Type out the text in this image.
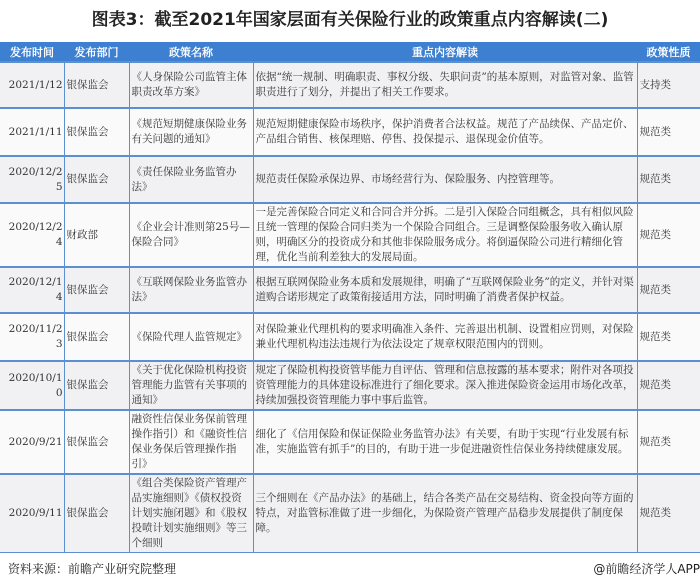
图表3：截至2021年国家层面有关保险行业的政策重点内容解读(二)
发布时间	发布部门	政策名称	重点内容解读	政策性质
2021/1/12	银保监会	《人身保险公司监管主体职责改革方案》	依据“统一规制、明确职责、事权分级、失职问责”的基本原则，对监管对象、监管职责进行了划分，并提出了相关工作要求。	支持类
2021/1/11	银保监会	《规范短期健康保险业务有关问题的通知》	规范短期健康保险市场秩序，保护消费者合法权益。规范了产品续保、产品定价、产品组合销售、核保理赔、停售、投保提示、退保现金价值等。	规范类
2020/12/25	银保监会	《责任保险业务监管办法》	规范责任保险承保边界、市场经营行为、保险服务、内控管理等。	规范类
2020/12/24	财政部	《企业会计准则第25号—保险合同》	一是完善保险合同定义和合同合并分拆。二是引入保险合同组概念，具有相似风险且统一管理的保险合同归类为一个保险合同组合。三是调整保险服务收入确认原则，明确区分的投资成分和其他非保险服务成分。将倒逼保险公司进行精细化管理，优化当前利差独大的发展局面。	规范类
2020/12/14	银保监会	《互联网保险业务监管办法》	根据互联网保险业务本质和发展规律，明确了“互联网保险业务”的定义，并针对渠道购合诺形规定了政策衔接适用方法，同时明确了消费者保护权益。	规范类
2020/11/23	银保监会	《保险代理人监管规定》	对保险兼业代理机构的要求明确准入条件、完善退出机制、设置相应罚则，对保险兼业代理机构违法违规行为依法设定了规章权限范围内的罚则。	规范类
2020/10/10	银保监会	《关于优化保险机构投资管理能力监管有关事项的通知》	规定了保险机构投资管毕能力自评估、管理和信息按露的基本要求；附件对各项投资管理能力的具体建设标准进行了细化要求。深入推进保险资金运用市场化改革，持续加强投资管理能力事中事后监管。	规范类
2020/9/21	银保监会	融资性信保业务保前管理操作指引）和《融资性信保业务保后管理操作指引》	细化了《信用保险和保证保险业务监管办法》有关要，有助于实现“行业发展有标准，实施监管有抓手”的目的，有助于进一步促进融资性信保业务持续健康发展。	规范类
2020/9/11	银保监会	《组合类保险资产管理产品实施细则》《债权投资计划实施闭题》和《股权投喷计划实施细则》等三个细则	三个细则在《产品办法》的基础上，结合各类产品在交易结构、资金投向等方面的特点，对监管标准做了进一步细化，为保险资产管理产品稳步发展提供了制度保障。	规范类
资料来源：前瞻产业研究院整理	@前瞻经济学人APP
